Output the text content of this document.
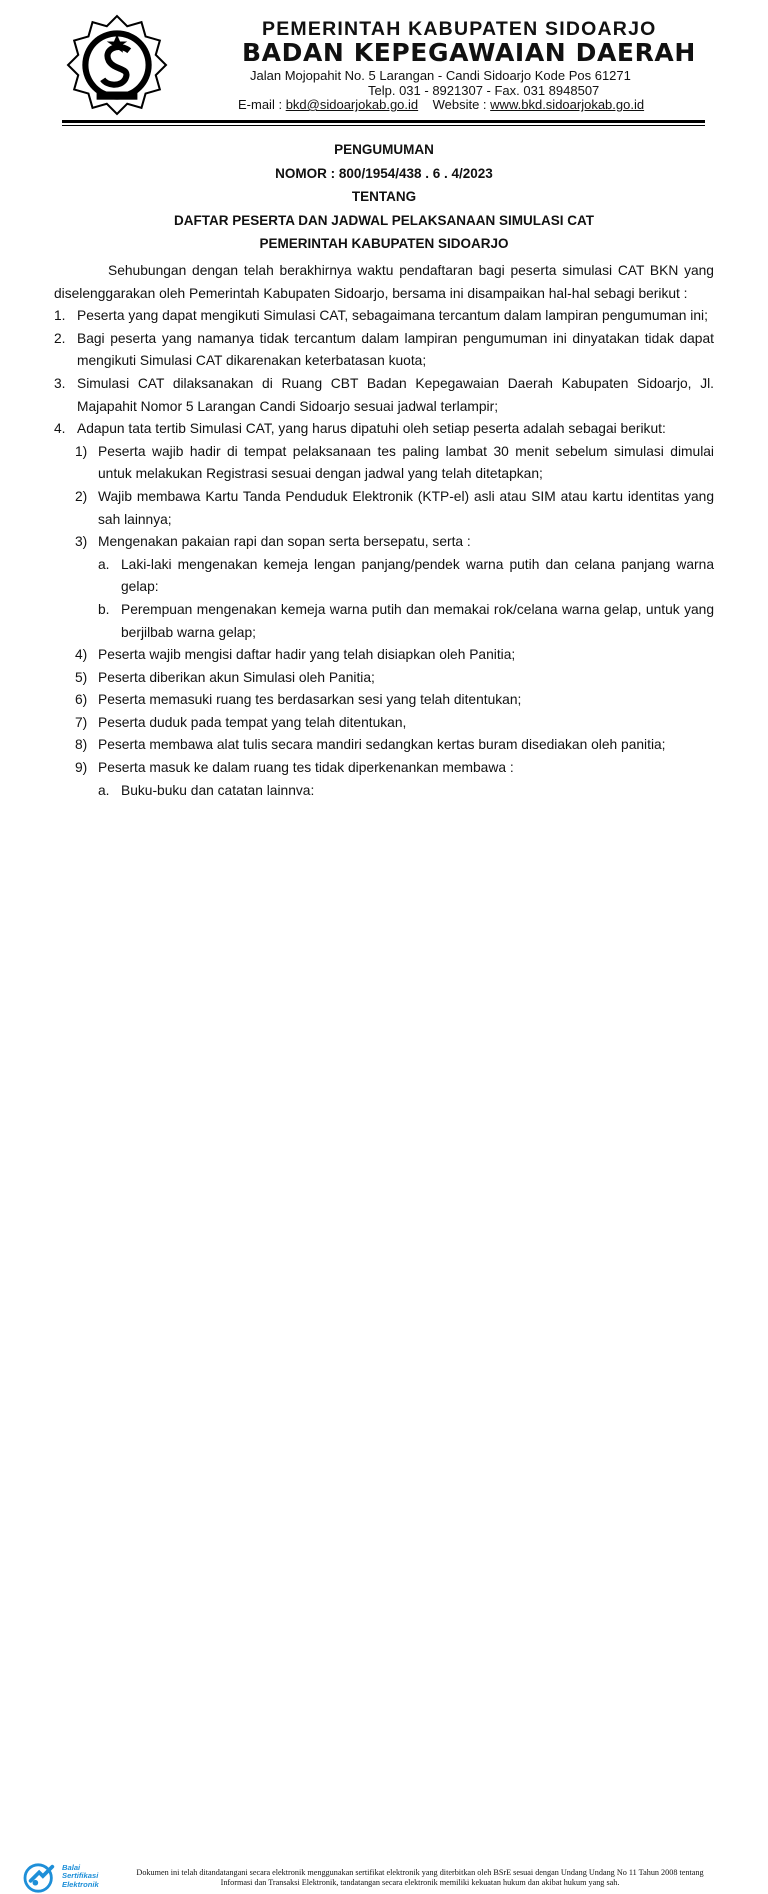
PEMERINTAH KABUPATEN SIDOARJO
BADAN KEPEGAWAIAN DAERAH
Jalan Mojopahit No. 5 Larangan - Candi Sidoarjo Kode Pos 61271
Telp. 031 - 8921307 - Fax. 031 8948507
E-mail : bkd@sidoarjokab.go.id Website : www.bkd.sidoarjokab.go.id
PENGUMUMAN
NOMOR : 800/1954/438 . 6 . 4/2023
TENTANG
DAFTAR PESERTA DAN JADWAL PELAKSANAAN SIMULASI CAT
PEMERINTAH KABUPATEN SIDOARJO

Sehubungan dengan telah berakhirnya waktu pendaftaran bagi peserta simulasi CAT BKN yang diselenggarakan oleh Pemerintah Kabupaten Sidoarjo, bersama ini disampaikan hal-hal sebagi berikut :

1. Peserta yang dapat mengikuti Simulasi CAT, sebagaimana tercantum dalam lampiran pengumuman ini;
2. Bagi peserta yang namanya tidak tercantum dalam lampiran pengumuman ini dinyatakan tidak dapat mengikuti Simulasi CAT dikarenakan keterbatasan kuota;
3. Simulasi CAT dilaksanakan di Ruang CBT Badan Kepegawaian Daerah Kabupaten Sidoarjo, Jl. Majapahit Nomor 5 Larangan Candi Sidoarjo sesuai jadwal terlampir;
4. Adapun tata tertib Simulasi CAT, yang harus dipatuhi oleh setiap peserta adalah sebagai berikut:
1) Peserta wajib hadir di tempat pelaksanaan tes paling lambat 30 menit sebelum simulasi dimulai untuk melakukan Registrasi sesuai dengan jadwal yang telah ditetapkan;
2) Wajib membawa Kartu Tanda Penduduk Elektronik (KTP-el) asli atau SIM atau kartu identitas yang sah lainnya;
3) Mengenakan pakaian rapi dan sopan serta bersepatu, serta :
a. Laki-laki mengenakan kemeja lengan panjang/pendek warna putih dan celana panjang warna gelap:
b. Perempuan mengenakan kemeja warna putih dan memakai rok/celana warna gelap, untuk yang berjilbab warna gelap;
4) Peserta wajib mengisi daftar hadir yang telah disiapkan oleh Panitia;
5) Peserta diberikan akun Simulasi oleh Panitia;
6) Peserta memasuki ruang tes berdasarkan sesi yang telah ditentukan;
7) Peserta duduk pada tempat yang telah ditentukan,
8) Peserta membawa alat tulis secara mandiri sedangkan kertas buram disediakan oleh panitia;
9) Peserta masuk ke dalam ruang tes tidak diperkenankan membawa :
a. Buku-buku dan catatan lainnva:
Balai
Sertifikasi
Elektronik
Dokumen ini telah ditandatangani secara elektronik menggunakan sertifikat elektronik yang diterbitkan oleh BSrE sesuai dengan Undang Undang No 11 Tahun 2008 tentang Informasi dan Transaksi Elektronik, tandatangan secara elektronik memiliki kekuatan hukum dan akibat hukum yang sah.
